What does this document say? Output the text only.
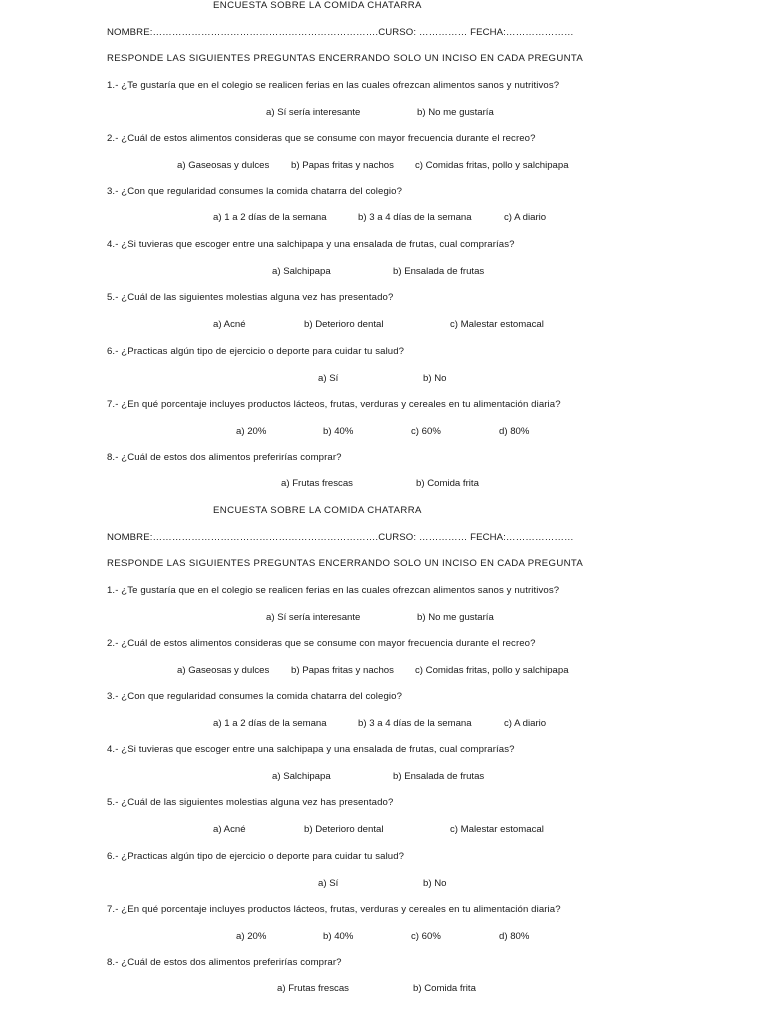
ENCUESTA SOBRE LA COMIDA CHATARRA
NOMBRE:…………………………………………………………….CURSO: …………… FECHA:…………………
RESPONDE LAS SIGUIENTES PREGUNTAS ENCERRANDO SOLO UN INCISO EN CADA PREGUNTA
1.- ¿Te gustaría que en el colegio se realicen ferias en las cuales ofrezcan alimentos sanos y nutritivos?
a) Sí sería interesante	b) No me gustaría
2.- ¿Cuál de estos alimentos consideras que se consume con mayor frecuencia durante el recreo?
a) Gaseosas y dulces b) Papas fritas y nachos c) Comidas fritas, pollo y salchipapa
3.- ¿Con que regularidad consumes la comida chatarra del colegio?
a) 1 a 2 días de la semana	b) 3 a 4 días de la semana	c) A diario
4.- ¿Si tuvieras que escoger entre una salchipapa y una ensalada de frutas, cual comprarías?
a) Salchipapa	b) Ensalada de frutas
5.- ¿Cuál de las siguientes molestias alguna vez has presentado?
a) Acné	b) Deterioro dental	c) Malestar estomacal
6.- ¿Practicas algún tipo de ejercicio o deporte para cuidar tu salud?
a) Sí	b) No
7.- ¿En qué porcentaje incluyes productos lácteos, frutas, verduras y cereales en tu alimentación diaria?
a) 20%	b) 40%	c) 60%	d) 80%
8.- ¿Cuál de estos dos alimentos preferirías comprar?
a) Frutas frescas	b) Comida frita
ENCUESTA SOBRE LA COMIDA CHATARRA
NOMBRE:…………………………………………………………….CURSO: …………… FECHA:…………………
RESPONDE LAS SIGUIENTES PREGUNTAS ENCERRANDO SOLO UN INCISO EN CADA PREGUNTA
1.- ¿Te gustaría que en el colegio se realicen ferias en las cuales ofrezcan alimentos sanos y nutritivos?
a) Sí sería interesante	b) No me gustaría
2.- ¿Cuál de estos alimentos consideras que se consume con mayor frecuencia durante el recreo?
a) Gaseosas y dulces b) Papas fritas y nachos c) Comidas fritas, pollo y salchipapa
3.- ¿Con que regularidad consumes la comida chatarra del colegio?
a) 1 a 2 días de la semana	b) 3 a 4 días de la semana	c) A diario
4.- ¿Si tuvieras que escoger entre una salchipapa y una ensalada de frutas, cual comprarías?
a) Salchipapa	b) Ensalada de frutas
5.- ¿Cuál de las siguientes molestias alguna vez has presentado?
a) Acné	b) Deterioro dental	c) Malestar estomacal
6.- ¿Practicas algún tipo de ejercicio o deporte para cuidar tu salud?
a) Sí	b) No
7.- ¿En qué porcentaje incluyes productos lácteos, frutas, verduras y cereales en tu alimentación diaria?
a) 20%	b) 40%	c) 60%	d) 80%
8.- ¿Cuál de estos dos alimentos preferirías comprar?
a) Frutas frescas	b) Comida frita
